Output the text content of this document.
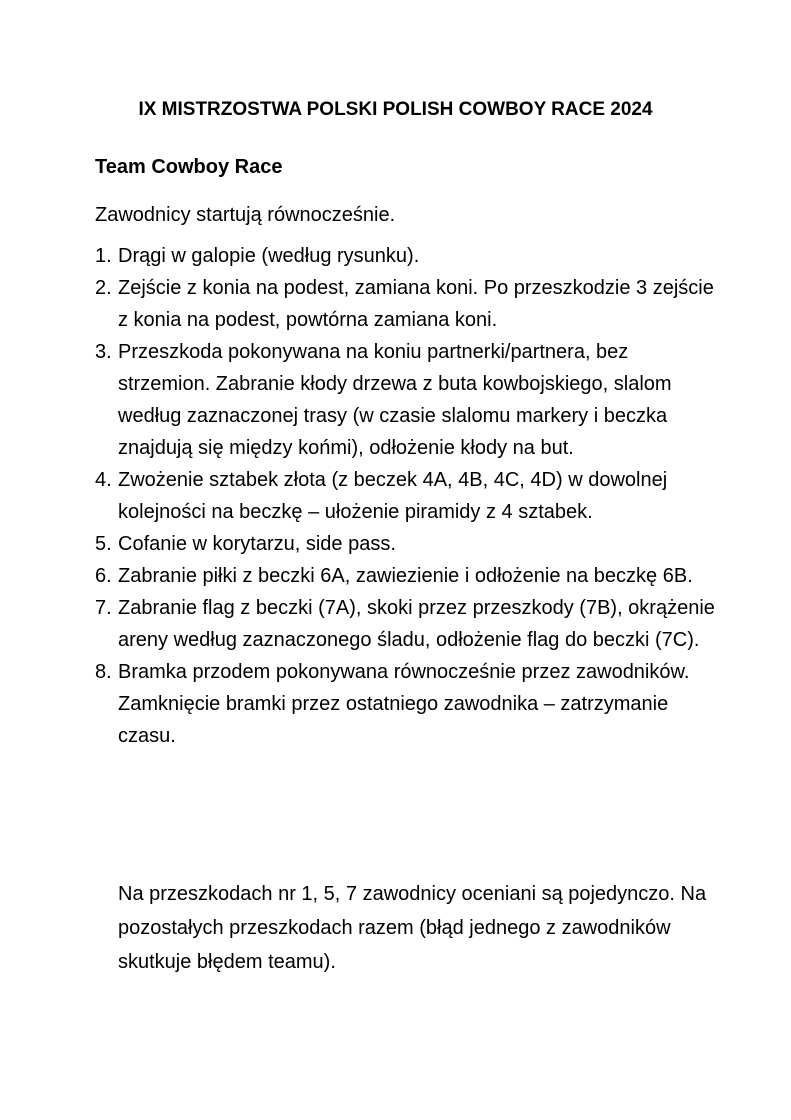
IX MISTRZOSTWA POLSKI POLISH COWBOY RACE 2024
Team Cowboy Race

Zawodnicy startują równocześnie.

1. Drągi w galopie (według rysunku).
2. Zejście z konia na podest, zamiana koni. Po przeszkodzie 3 zejście z konia na podest, powtórna zamiana koni.
3. Przeszkoda pokonywana na koniu partnerki/partnera, bez strzemion. Zabranie kłody drzewa z buta kowbojskiego, slalom według zaznaczonej trasy (w czasie slalomu markery i beczka znajdują się między końmi), odłożenie kłody na but.
4. Zwożenie sztabek złota (z beczek 4A, 4B, 4C, 4D) w dowolnej kolejności na beczkę – ułożenie piramidy z 4 sztabek.
5. Cofanie w korytarzu, side pass.
6. Zabranie piłki z beczki 6A, zawiezienie i odłożenie na beczkę 6B.
7. Zabranie flag z beczki (7A), skoki przez przeszkody (7B), okrążenie areny według zaznaczonego śladu, odłożenie flag do beczki (7C).
8. Bramka przodem pokonywana równocześnie przez zawodników. Zamknięcie bramki przez ostatniego zawodnika – zatrzymanie czasu.

Na przeszkodach nr 1, 5, 7 zawodnicy oceniani są pojedynczo. Na pozostałych przeszkodach razem (błąd jednego z zawodników skutkuje błędem teamu).
